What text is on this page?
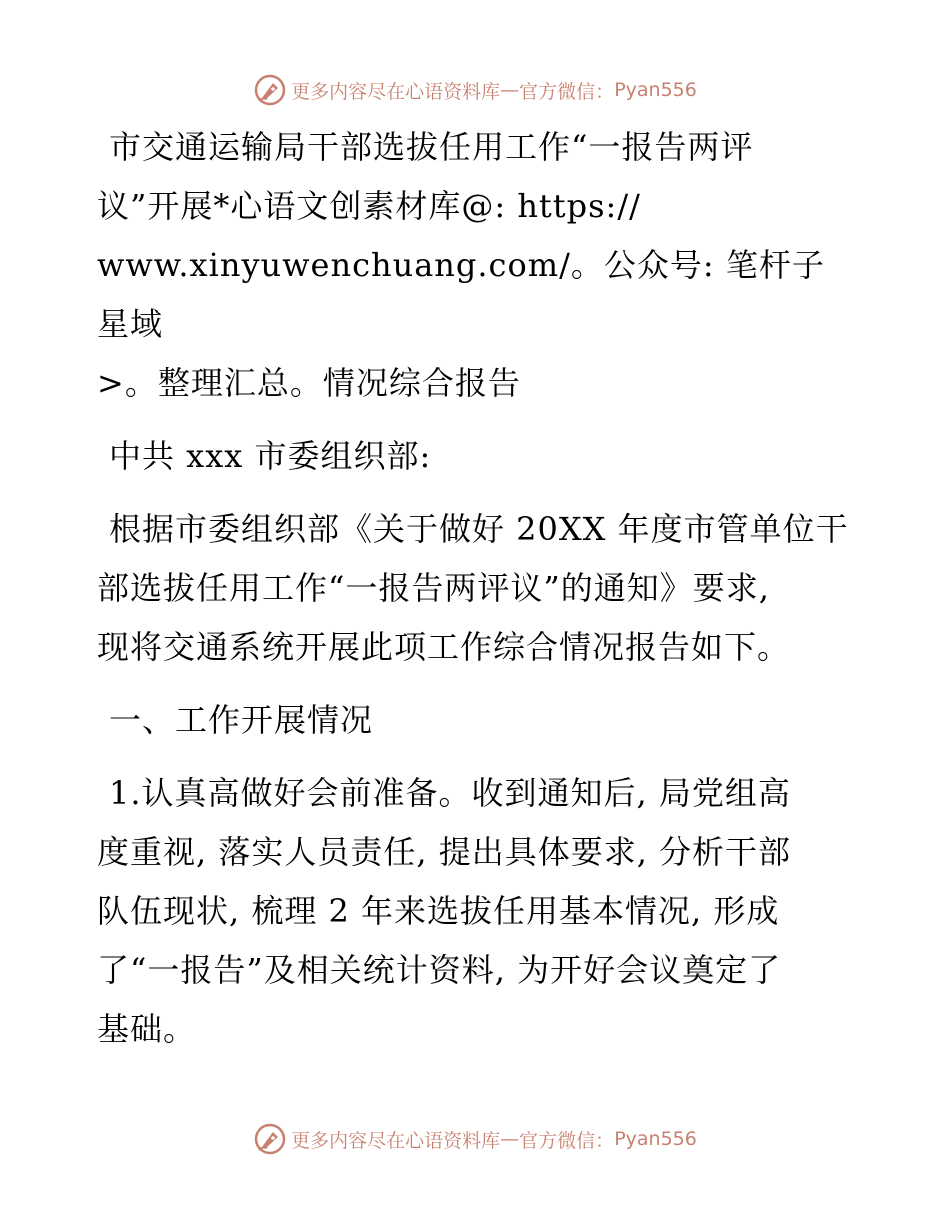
更多内容尽在心语资料库 — 官方微信： Pyan556

市交通运输局干部选拔任用工作“一报告两评
议”开展*心语文创素材库@: https://
www.xinyuwenchuang.com/。公众号: 笔杆子星域
>。整理汇总。情况综合报告

中共 xxx 市委组织部:

根据市委组织部《关于做好 20XX 年度市管单位干
部选拔任用工作“一报告两评议”的通知》要求,
现将交通系统开展此项工作综合情况报告如下。

一、工作开展情况

1.认真高做好会前准备。收到通知后, 局党组高
度重视, 落实人员责任, 提出具体要求, 分析干部
队伍现状, 梳理 2 年来选拔任用基本情况, 形成
了“一报告”及相关统计资料, 为开好会议奠定了
基础。

更多内容尽在心语资料库 — 官方微信： Pyan556
